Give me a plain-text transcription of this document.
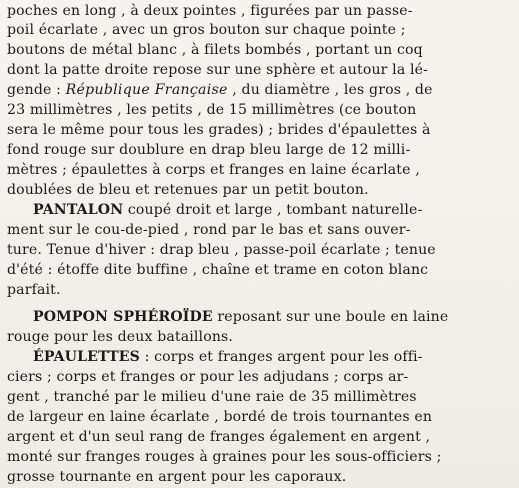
poches en long , à deux pointes , figurées par un passe-
poil écarlate , avec un gros bouton sur chaque pointe ;
boutons de métal blanc , à filets bombés , portant un coq
dont la patte droite repose sur une sphère et autour la lé-
gende : République Française , du diamètre , les gros , de
23 millimètres , les petits , de 15 millimètres (ce bouton
sera le même pour tous les grades) ; brides d'épaulettes à
fond rouge sur doublure en drap bleu large de 12 milli-
mètres ; épaulettes à corps et franges en laine écarlate ,
doublées de bleu et retenues par un petit bouton.
PANTALON coupé droit et large , tombant naturelle-
ment sur le cou-de-pied , rond par le bas et sans ouver-
ture. Tenue d'hiver : drap bleu , passe-poil écarlate ; tenue
d'été : étoffe dite buffine , chaîne et trame en coton blanc
parfait.
POMPON SPHÉROÏDE reposant sur une boule en laine
rouge pour les deux bataillons.
ÉPAULETTES : corps et franges argent pour les offi-
ciers ; corps et franges or pour les adjudans ; corps ar-
gent , tranché par le milieu d'une raie de 35 millimètres
de largeur en laine écarlate , bordé de trois tournantes en
argent et d'un seul rang de franges également en argent ,
monté sur franges rouges à graines pour les sous-officiers ;
grosse tournante en argent pour les caporaux.
